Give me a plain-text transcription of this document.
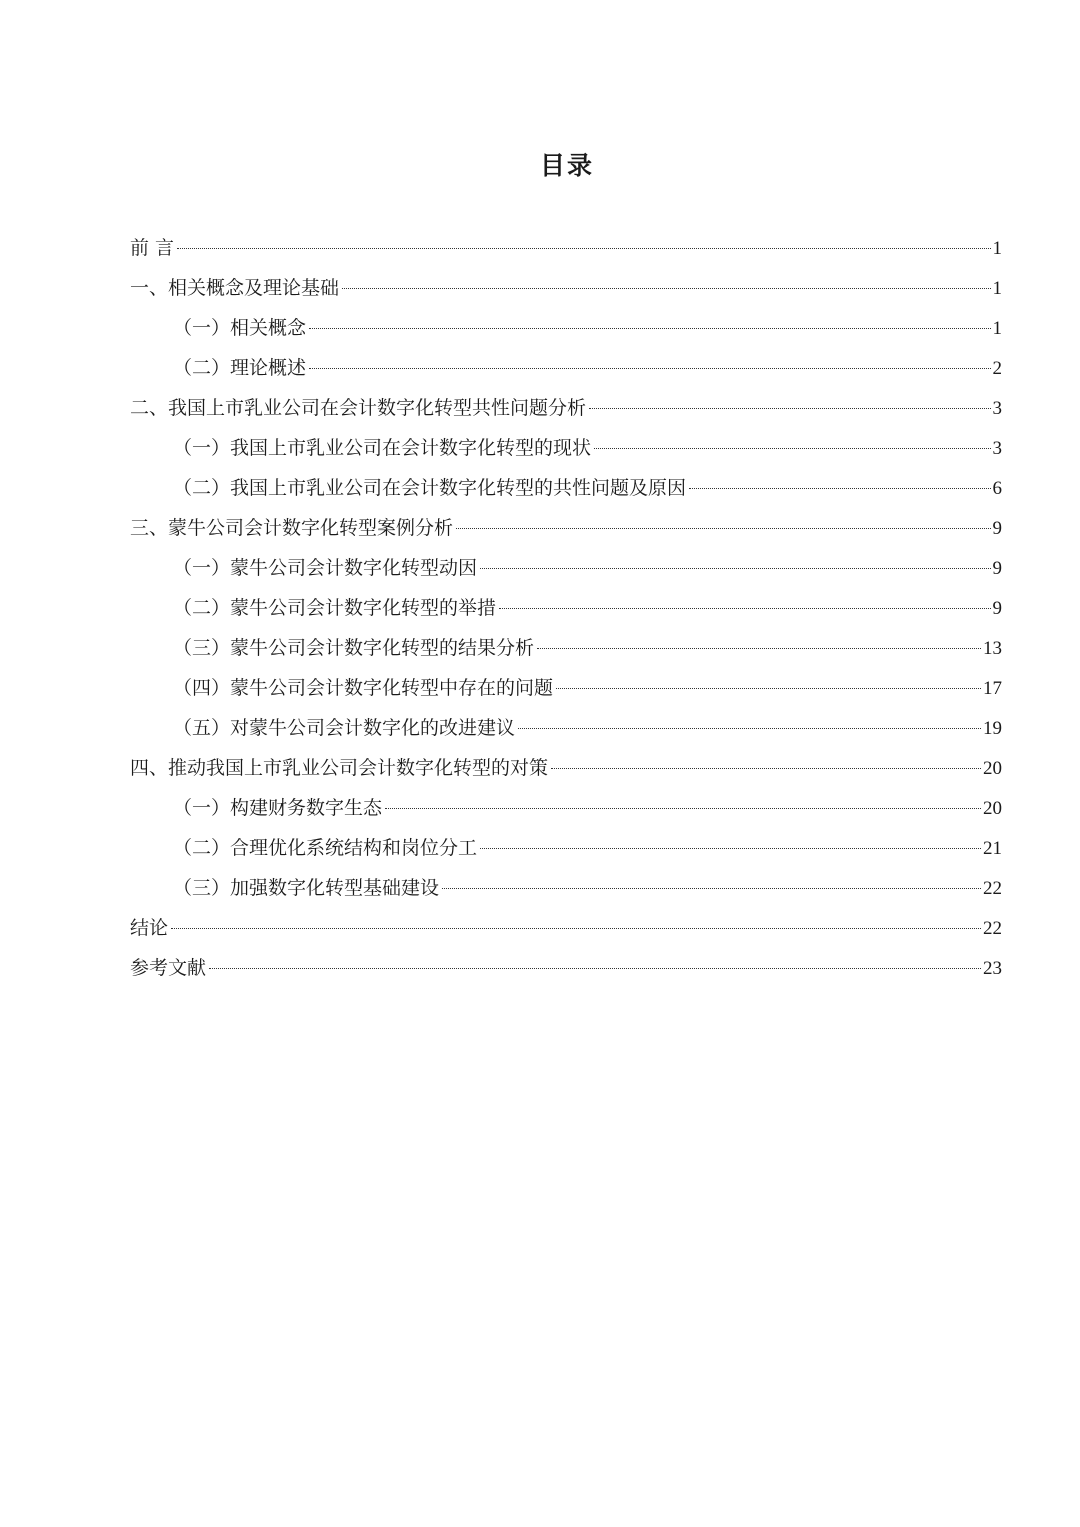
目录
前 言	1
一、相关概念及理论基础	1
（一）相关概念	1
（二）理论概述	2
二、我国上市乳业公司在会计数字化转型共性问题分析	3
（一）我国上市乳业公司在会计数字化转型的现状	3
（二）我国上市乳业公司在会计数字化转型的共性问题及原因	6
三、蒙牛公司会计数字化转型案例分析	9
（一）蒙牛公司会计数字化转型动因	9
（二）蒙牛公司会计数字化转型的举措	9
（三）蒙牛公司会计数字化转型的结果分析	13
（四）蒙牛公司会计数字化转型中存在的问题	17
（五）对蒙牛公司会计数字化的改进建议	19
四、推动我国上市乳业公司会计数字化转型的对策	20
（一）构建财务数字生态	20
（二）合理优化系统结构和岗位分工	21
（三）加强数字化转型基础建设	22
结论	22
参考文献	23
